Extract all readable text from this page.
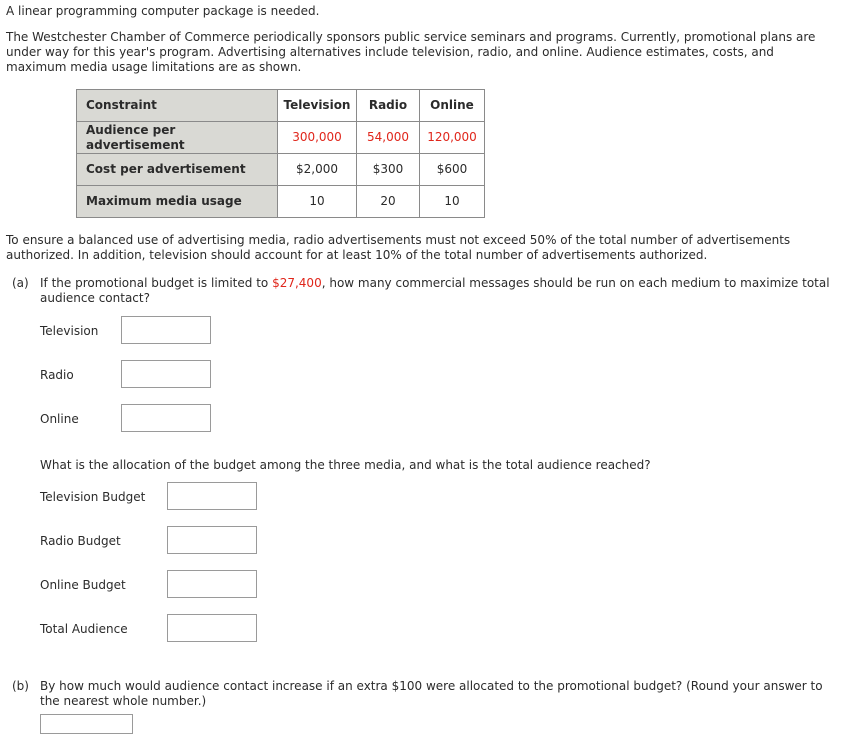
A linear programming computer package is needed.
The Westchester Chamber of Commerce periodically sponsors public service seminars and programs. Currently, promotional plans are under way for this year's program. Advertising alternatives include television, radio, and online. Audience estimates, costs, and maximum media usage limitations are as shown.
Constraint	Television	Radio	Online
Audience per advertisement	300,000	54,000	120,000
Cost per advertisement	$2,000	$300	$600
Maximum media usage	10	20	10
To ensure a balanced use of advertising media, radio advertisements must not exceed 50% of the total number of advertisements authorized. In addition, television should account for at least 10% of the total number of advertisements authorized.
(a) If the promotional budget is limited to $27,400, how many commercial messages should be run on each medium to maximize total audience contact?
Television
Radio
Online
What is the allocation of the budget among the three media, and what is the total audience reached?
Television Budget
Radio Budget
Online Budget
Total Audience
(b) By how much would audience contact increase if an extra $100 were allocated to the promotional budget? (Round your answer to the nearest whole number.)
